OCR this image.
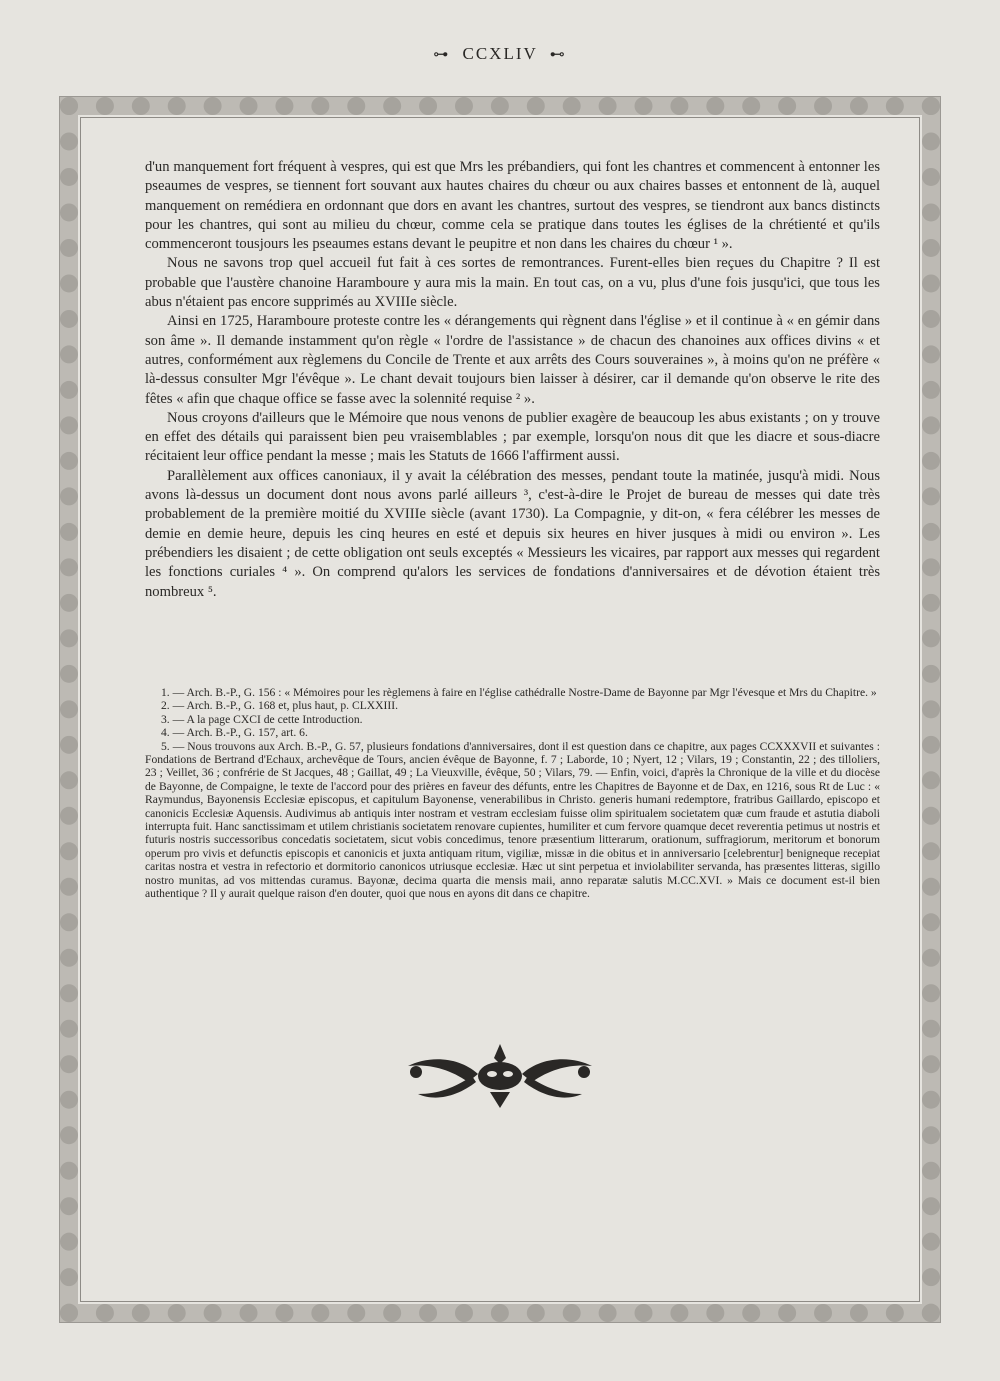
⊶ CCXLIV ⊷

d'un manquement fort fréquent à vespres, qui est que Mrs les prébandiers, qui font les chantres et commencent à entonner les pseaumes de vespres, se tiennent fort souvant aux hautes chaires du chœur ou aux chaires basses et entonnent de là, auquel manquement on remédiera en ordonnant que dors en avant les chantres, surtout des vespres, se tiendront aux bancs distincts pour les chantres, qui sont au milieu du chœur, comme cela se pratique dans toutes les églises de la chrétienté et qu'ils commenceront tousjours les pseaumes estans devant le peupitre et non dans les chaires du chœur ¹ ».

Nous ne savons trop quel accueil fut fait à ces sortes de remontrances. Furent-elles bien reçues du Chapitre ? Il est probable que l'austère chanoine Haramboure y aura mis la main. En tout cas, on a vu, plus d'une fois jusqu'ici, que tous les abus n'étaient pas encore supprimés au XVIIIe siècle.

Ainsi en 1725, Haramboure proteste contre les « dérangements qui règnent dans l'église » et il continue à « en gémir dans son âme ». Il demande instamment qu'on règle « l'ordre de l'assistance » de chacun des chanoines aux offices divins « et autres, conformément aux règlemens du Concile de Trente et aux arrêts des Cours souveraines », à moins qu'on ne préfère « là-dessus consulter Mgr l'évêque ». Le chant devait toujours bien laisser à désirer, car il demande qu'on observe le rite des fêtes « afin que chaque office se fasse avec la solennité requise ² ».

Nous croyons d'ailleurs que le Mémoire que nous venons de publier exagère de beaucoup les abus existants ; on y trouve en effet des détails qui paraissent bien peu vraisemblables ; par exemple, lorsqu'on nous dit que les diacre et sous-diacre récitaient leur office pendant la messe ; mais les Statuts de 1666 l'affirment aussi.

Parallèlement aux offices canoniaux, il y avait la célébration des messes, pendant toute la matinée, jusqu'à midi. Nous avons là-dessus un document dont nous avons parlé ailleurs ³, c'est-à-dire le Projet de bureau de messes qui date très probablement de la première moitié du XVIIIe siècle (avant 1730). La Compagnie, y dit-on, « fera célébrer les messes de demie en demie heure, depuis les cinq heures en esté et depuis six heures en hiver jusques à midi ou environ ». Les prébendiers les disaient ; de cette obligation ont seuls exceptés « Messieurs les vicaires, par rapport aux messes qui regardent les fonctions curiales ⁴ ». On comprend qu'alors les services de fondations d'anniversaires et de dévotion étaient très nombreux ⁵.

1. — Arch. B.-P., G. 156 : « Mémoires pour les règlemens à faire en l'église cathédralle Nostre-Dame de Bayonne par Mgr l'évesque et Mrs du Chapitre. »

2. — Arch. B.-P., G. 168 et, plus haut, p. CLXXIII.

3. — A la page CXCI de cette Introduction.

4. — Arch. B.-P., G. 157, art. 6.

5. — Nous trouvons aux Arch. B.-P., G. 57, plusieurs fondations d'anniversaires, dont il est question dans ce chapitre, aux pages CCXXXVII et suivantes : Fondations de Bertrand d'Echaux, archevêque de Tours, ancien évêque de Bayonne, f. 7 ; Laborde, 10 ; Nyert, 12 ; Vilars, 19 ; Constantin, 22 ; des tilloliers, 23 ; Veillet, 36 ; confrérie de St Jacques, 48 ; Gaillat, 49 ; La Vieuxville, évêque, 50 ; Vilars, 79. — Enfin, voici, d'après la Chronique de la ville et du diocèse de Bayonne, de Compaigne, le texte de l'accord pour des prières en faveur des défunts, entre les Chapitres de Bayonne et de Dax, en 1216, sous Rt de Luc : « Raymundus, Bayonensis Ecclesiæ episcopus, et capitulum Bayonense, venerabilibus in Christo. generis humani redemptore, fratribus Gaillardo, episcopo et canonicis Ecclesiæ Aquensis. Audivimus ab antiquis inter nostram et vestram ecclesiam fuisse olim spiritualem societatem quæ cum fraude et astutia diaboli interrupta fuit. Hanc sanctissimam et utilem christianis societatem renovare cupientes, humiliter et cum fervore quamque decet reverentia petimus ut nostris et futuris nostris successoribus concedatis societatem, sicut vobis concedimus, tenore præsentium litterarum, orationum, suffragiorum, meritorum et bonorum operum pro vivis et defunctis episcopis et canonicis et juxta antiquam ritum, vigiliæ, missæ in die obitus et in anniversario [celebrentur] benigneque recepiat caritas nostra et vestra in refectorio et dormitorio canonicos utriusque ecclesiæ. Hæc ut sint perpetua et inviolabiliter servanda, has præsentes litteras, sigillo nostro munitas, ad vos mittendas curamus. Bayonæ, decima quarta die mensis maii, anno reparatæ salutis M.CC.XVI. » Mais ce document est-il bien authentique ? Il y aurait quelque raison d'en douter, quoi que nous en ayons dit dans ce chapitre.
